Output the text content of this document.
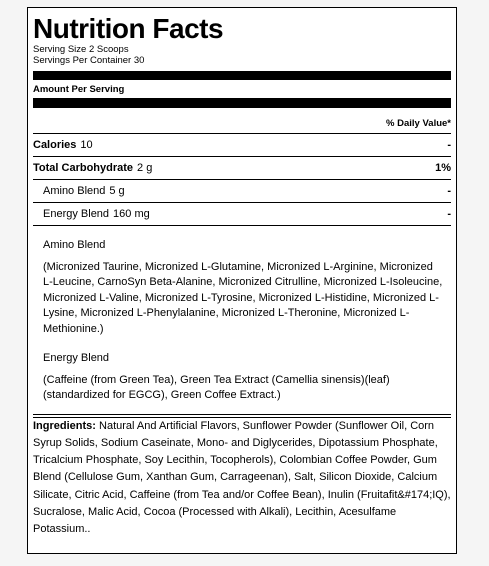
Nutrition Facts
Serving Size 2 Scoops
Servings Per Container 30
Amount Per Serving
% Daily Value*
Calories 10	-
Total Carbohydrate 2 g	1%
Amino Blend 5 g	-
Energy Blend 160 mg	-
Amino Blend
(Micronized Taurine, Micronized L-Glutamine, Micronized L-Arginine, Micronized L-Leucine, CarnoSyn Beta-Alanine, Micronized Citrulline, Micronized L-Isoleucine, Micronized L-Valine, Micronized L-Tyrosine, Micronized L-Histidine, Micronized L-Lysine, Micronized L-Phenylalanine, Micronized L-Theronine, Micronized L-Methionine.)
Energy Blend
(Caffeine (from Green Tea), Green Tea Extract (Camellia sinensis)(leaf) (standardized for EGCG), Green Coffee Extract.)
Ingredients: Natural And Artificial Flavors, Sunflower Powder (Sunflower Oil, Corn Syrup Solids, Sodium Caseinate, Mono- and Diglycerides, Dipotassium Phosphate, Tricalcium Phosphate, Soy Lecithin, Tocopherols), Colombian Coffee Powder, Gum Blend (Cellulose Gum, Xanthan Gum, Carrageenan), Salt, Silicon Dioxide, Calcium Silicate, Citric Acid, Caffeine (from Tea and/or Coffee Bean), Inulin (Fruitafit&#174;IQ), Sucralose, Malic Acid, Cocoa (Processed with Alkali), Lecithin, Acesulfame Potassium..
